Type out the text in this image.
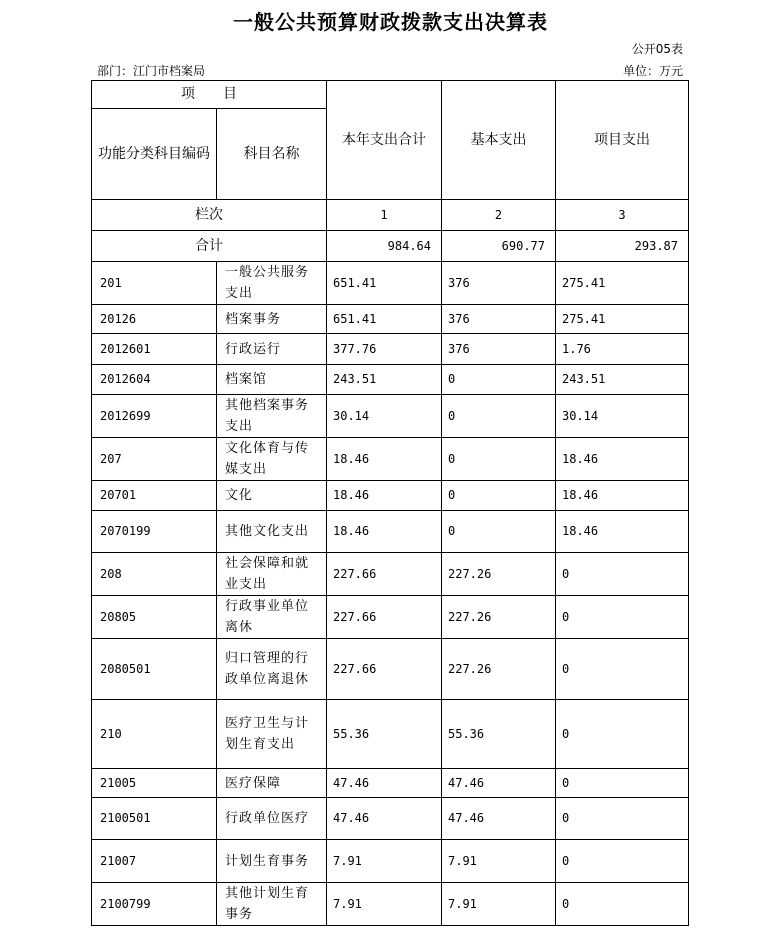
一般公共预算财政拨款支出决算表
公开05表
部门：江门市档案局	单位：万元
项　　目		本年支出合计	基本支出	项目支出
功能分类科目编码	科目名称			
栏次		1	2	3
合计		984.64	690.77	293.87
201	一般公共服务支出	651.41	376	275.41
20126	档案事务	651.41	376	275.41
2012601	行政运行	377.76	376	1.76
2012604	档案馆	243.51	0	243.51
2012699	其他档案事务支出	30.14	0	30.14
207	文化体育与传媒支出	18.46	0	18.46
20701	文化	18.46	0	18.46
2070199	其他文化支出	18.46	0	18.46
208	社会保障和就业支出	227.66	227.26	0
20805	行政事业单位离休	227.66	227.26	0
2080501	归口管理的行政单位离退休	227.66	227.26	0
210	医疗卫生与计划生育支出	55.36	55.36	0
21005	医疗保障	47.46	47.46	0
2100501	行政单位医疗	47.46	47.46	0
21007	计划生育事务	7.91	7.91	0
2100799	其他计划生育事务	7.91	7.91	0
